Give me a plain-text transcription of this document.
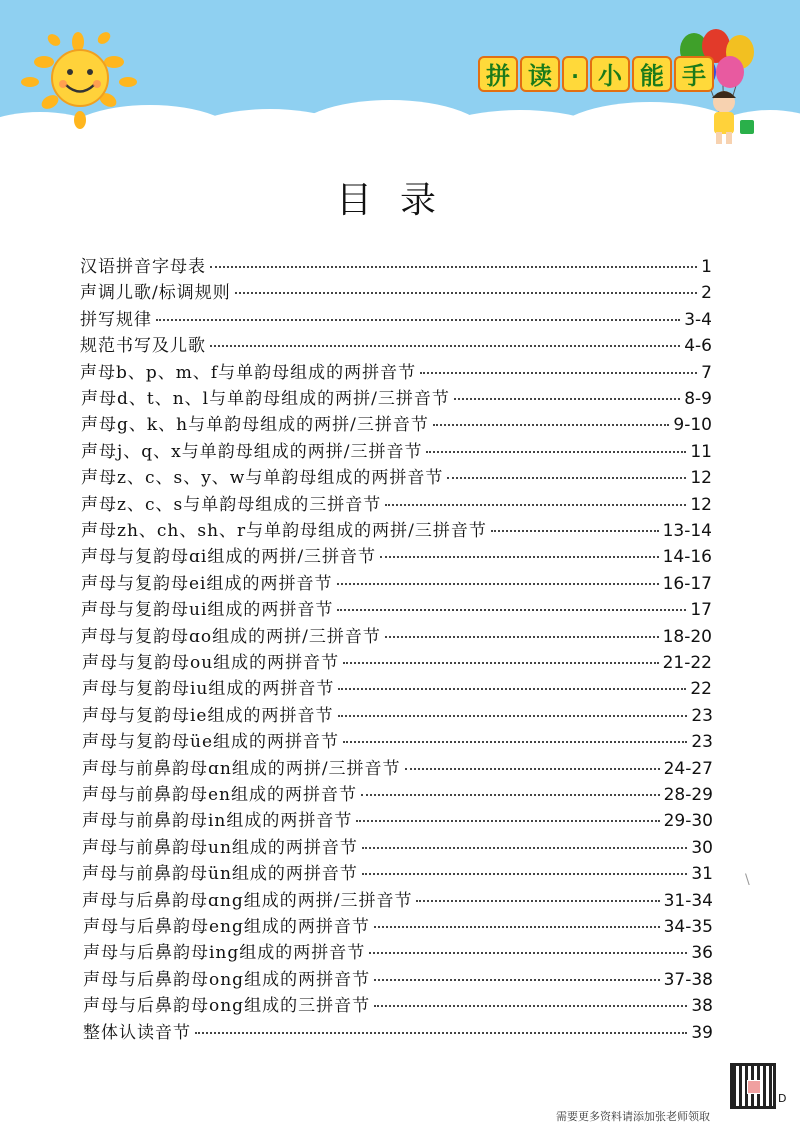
拼 读 · 小 能 手
目录
汉语拼音字母表	1
声调儿歌/标调规则	2
拼写规律	3-4
规范书写及儿歌	4-6
声母b、p、m、f与单韵母组成的两拼音节	7
声母d、t、n、l与单韵母组成的两拼/三拼音节	8-9
声母g、k、h与单韵母组成的两拼/三拼音节	9-10
声母j、q、x与单韵母组成的两拼/三拼音节	11
声母z、c、s、y、w与单韵母组成的两拼音节	12
声母z、c、s与单韵母组成的三拼音节	12
声母zh、ch、sh、r与单韵母组成的两拼/三拼音节	13-14
声母与复韵母ɑi组成的两拼/三拼音节	14-16
声母与复韵母ei组成的两拼音节	16-17
声母与复韵母ui组成的两拼音节	17
声母与复韵母ɑo组成的两拼/三拼音节	18-20
声母与复韵母ou组成的两拼音节	21-22
声母与复韵母iu组成的两拼音节	22
声母与复韵母ie组成的两拼音节	23
声母与复韵母üe组成的两拼音节	23
声母与前鼻韵母ɑn组成的两拼/三拼音节	24-27
声母与前鼻韵母en组成的两拼音节	28-29
声母与前鼻韵母in组成的两拼音节	29-30
声母与前鼻韵母un组成的两拼音节	30
声母与前鼻韵母ün组成的两拼音节	31
声母与后鼻韵母ɑng组成的两拼/三拼音节	31-34
声母与后鼻韵母eng组成的两拼音节	34-35
声母与后鼻韵母ing组成的两拼音节	36
声母与后鼻韵母ong组成的两拼音节	37-38
声母与后鼻韵母ong组成的三拼音节	38
整体认读音节	39
\
D
需要更多资料请添加张老师领取
